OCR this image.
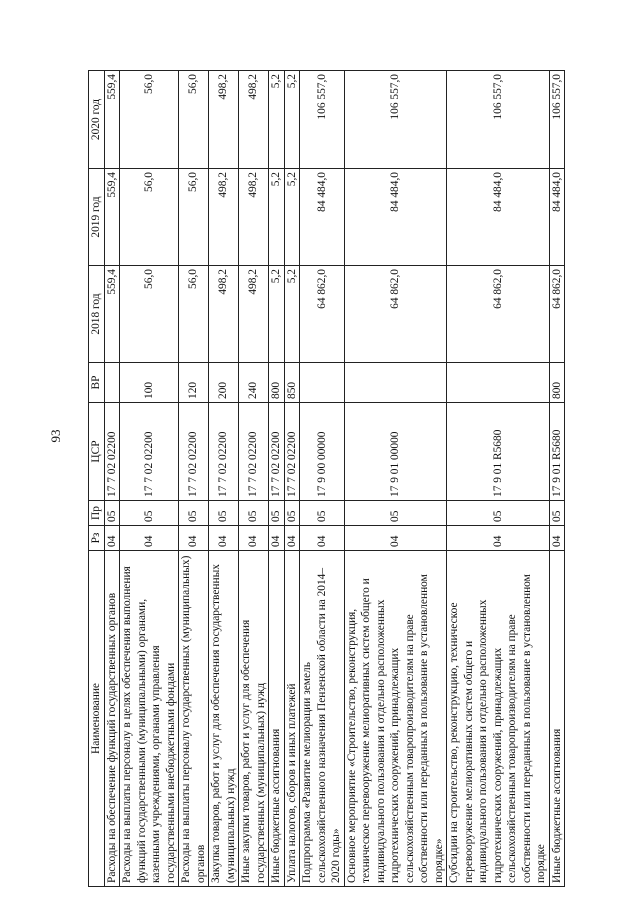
93
Наименование	Рз	Пр	ЦСР	ВР	2018 год	2019 год	2020 год
Расходы на обеспечение функций государственных органов	04	05	17 7 02 02200		559,4	559,4	559,4
Расходы на выплаты персоналу в целях обеспечения выполнения функций государственными (муниципальными) органами, казенными учреждениями, органами управления государственными внебюджетными фондами	04	05	17 7 02 02200	100	56,0	56,0	56,0
Расходы на выплаты персоналу государственных (муниципальных) органов	04	05	17 7 02 02200	120	56,0	56,0	56,0
Закупка товаров, работ и услуг для обеспечения государственных (муниципальных) нужд	04	05	17 7 02 02200	200	498,2	498,2	498,2
Иные закупки товаров, работ и услуг для обеспечения государственных (муниципальных) нужд	04	05	17 7 02 02200	240	498,2	498,2	498,2
Иные бюджетные ассигнования	04	05	17 7 02 02200	800	5,2	5,2	5,2
Уплата налогов, сборов и иных платежей	04	05	17 7 02 02200	850	5,2	5,2	5,2
Подпрограмма «Развитие мелиорации земель сельскохозяйственного назначения Пензенской области на 2014–2020 годы»	04	05	17 9 00 00000		64 862,0	84 484,0	106 557,0
Основное мероприятие «Строительство, реконструкция, техническое перевооружение мелиоративных систем общего и индивидуального пользования и отдельно расположенных гидротехнических сооружений, принадлежащих сельскохозяйственным товаропроизводителям на праве собственности или переданных в пользование в установленном порядке»	04	05	17 9 01 00000		64 862,0	84 484,0	106 557,0
Субсидии на строительство, реконструкцию, техническое перевооружение мелиоративных систем общего и индивидуального пользования и отдельно расположенных гидротехнических сооружений, принадлежащих сельскохозяйственным товаропроизводителям на праве собственности или переданных в пользование в установленном порядке	04	05	17 9 01 R5680		64 862,0	84 484,0	106 557,0
Иные бюджетные ассигнования	04	05	17 9 01 R5680	800	64 862,0	84 484,0	106 557,0
